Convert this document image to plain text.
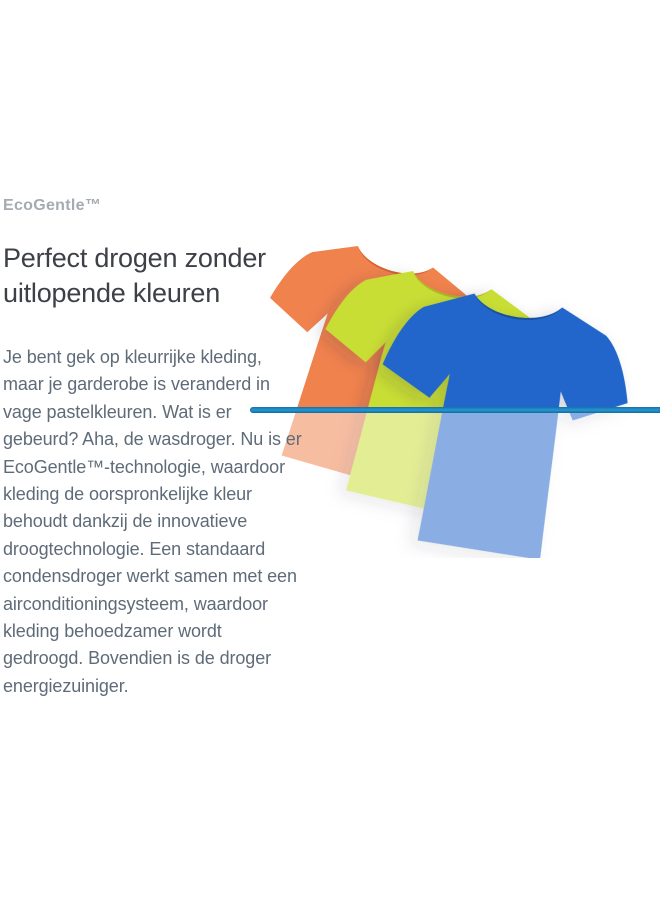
EcoGentle™
Perfect drogen zonder
uitlopende kleuren
Je bent gek op kleurrijke kleding,
maar je garderobe is veranderd in
vage pastelkleuren. Wat is er
gebeurd? Aha, de wasdroger. Nu is er
EcoGentle™-technologie, waardoor
kleding de oorspronkelijke kleur
behoudt dankzij de innovatieve
droogtechnologie. Een standaard
condensdroger werkt samen met een
airconditioningsysteem, waardoor
kleding behoedzamer wordt
gedroogd. Bovendien is de droger
energiezuiniger.
